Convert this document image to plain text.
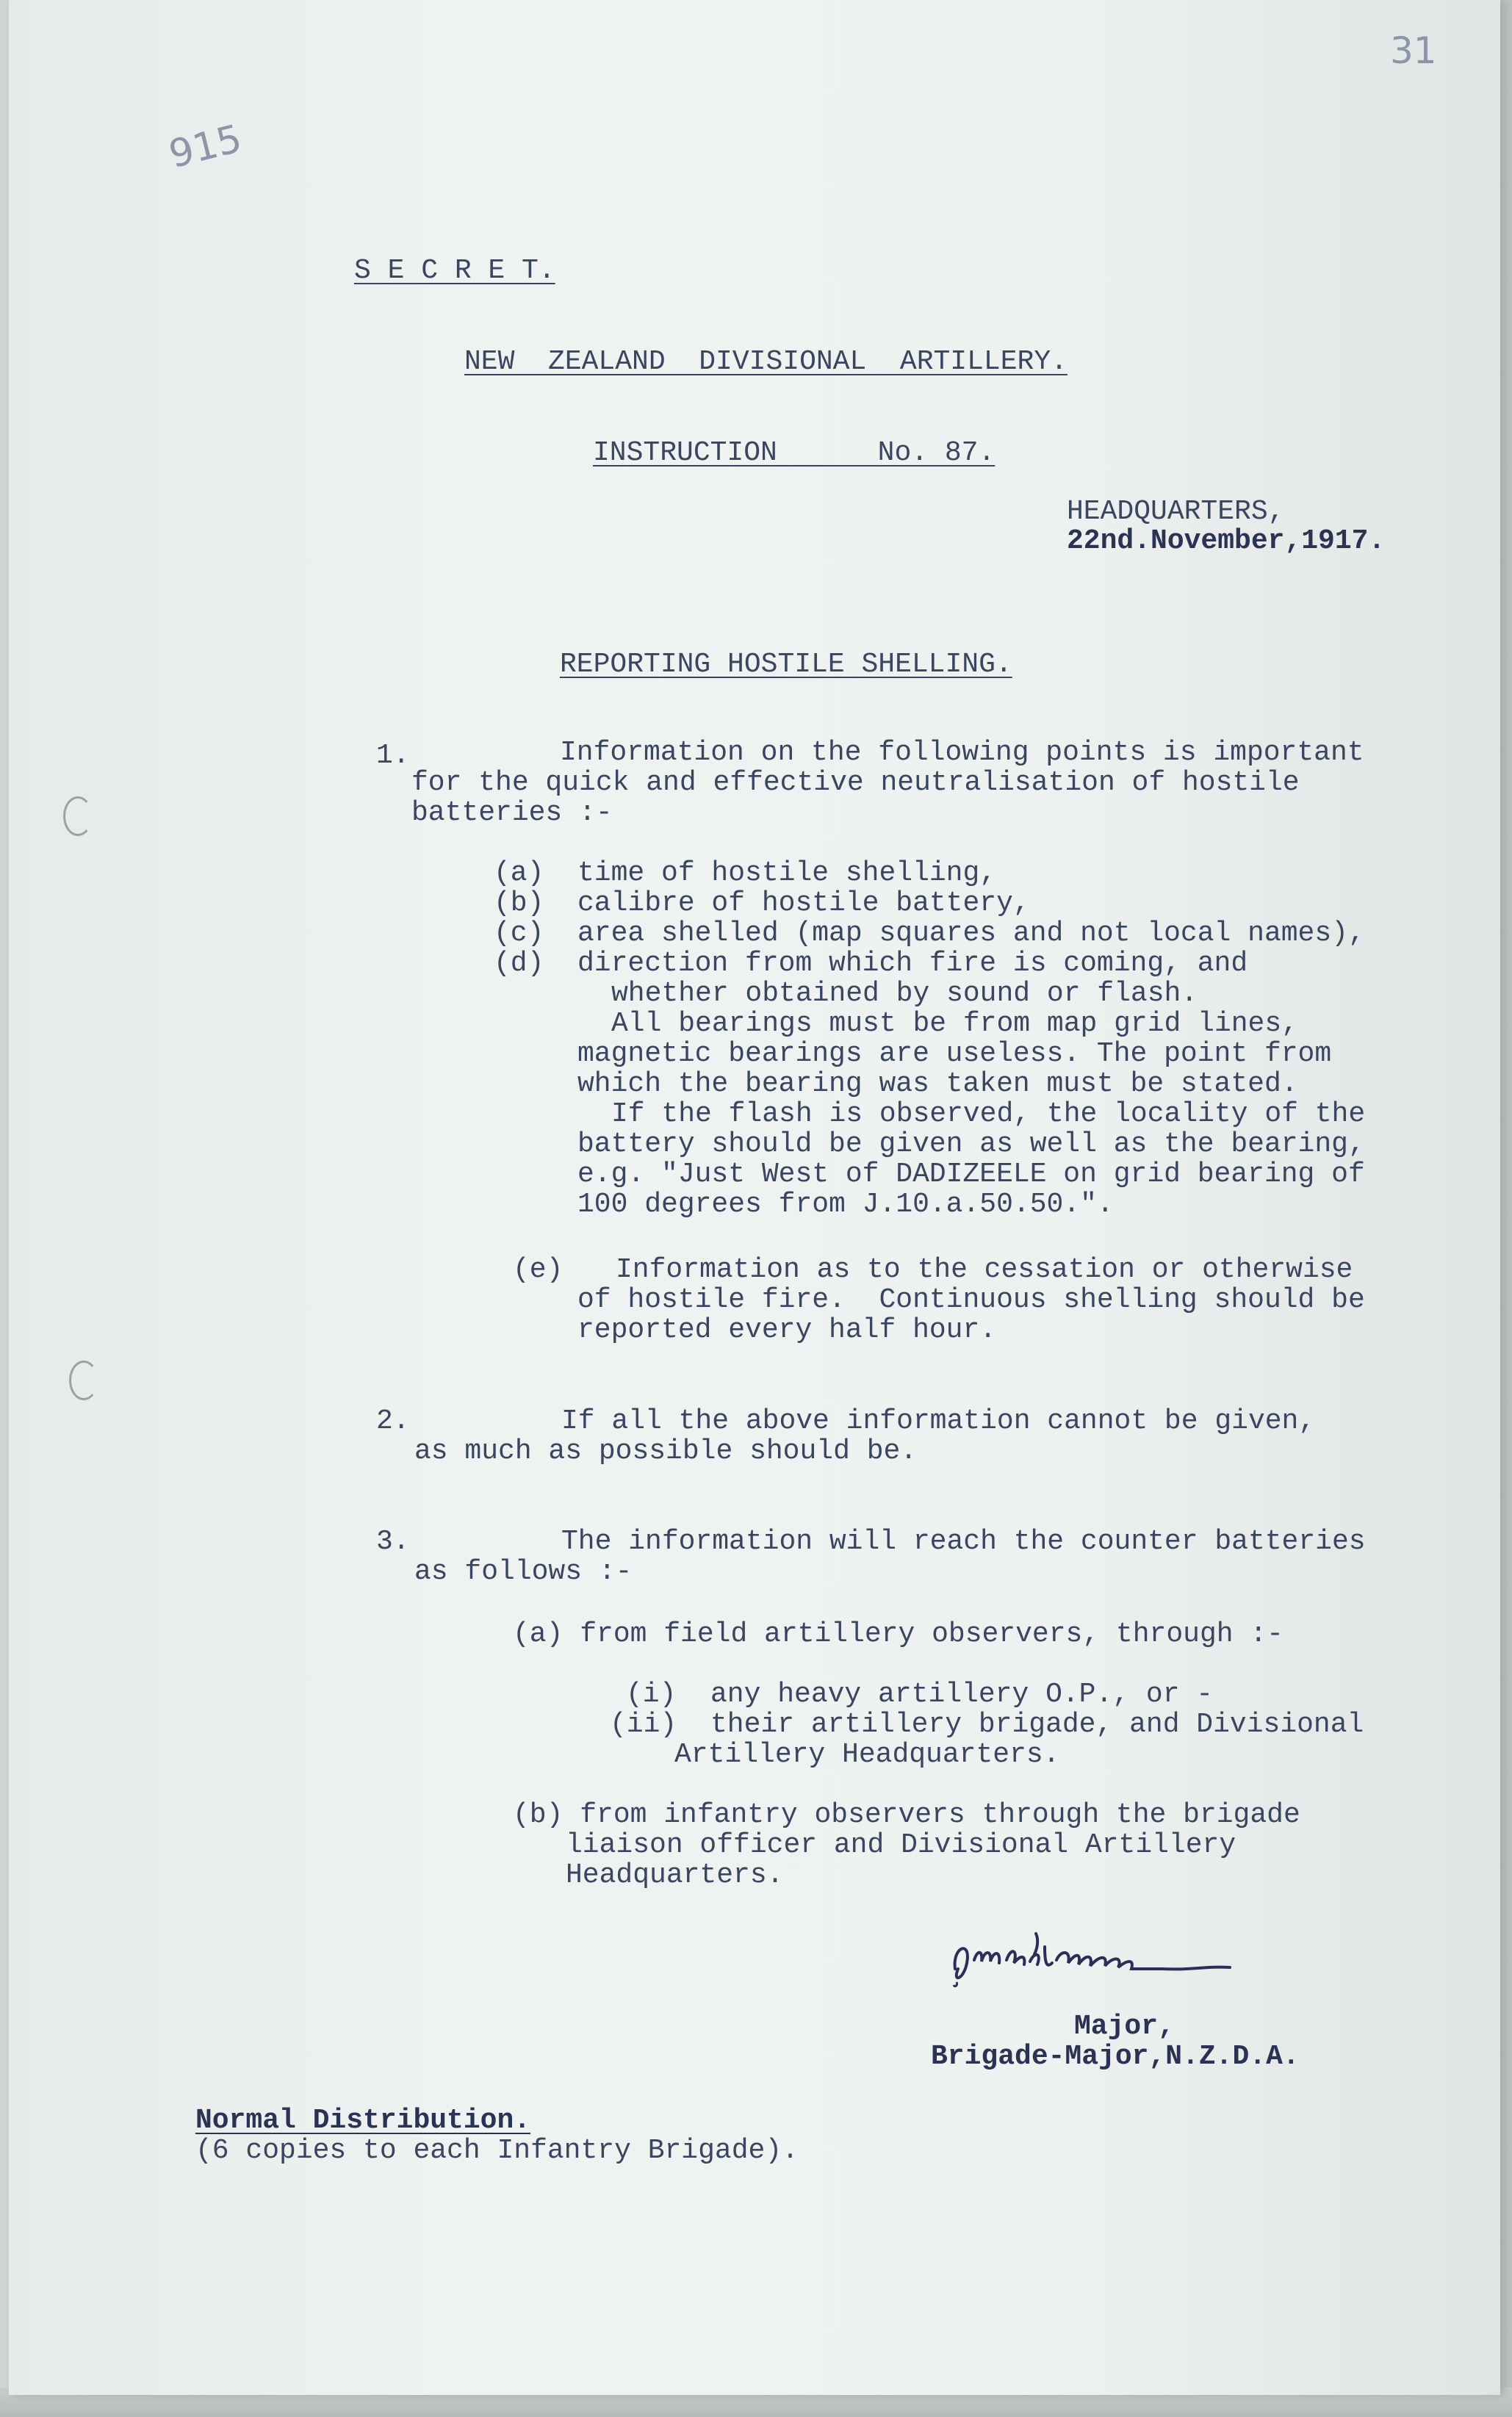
915
31
S E C R E T.
NEW  ZEALAND  DIVISIONAL  ARTILLERY.
INSTRUCTION      No. 87.
HEADQUARTERS,
22nd.November,1917.
REPORTING HOSTILE SHELLING.
1.	Information on the following points is important
for the quick and effective neutralisation of hostile
batteries :-
(a) time of hostile shelling,
(b) calibre of hostile battery,
(c) area shelled (map squares and not local names),
(d) direction from which fire is coming, and
whether obtained by sound or flash.
All bearings must be from map grid lines,
magnetic bearings are useless. The point from
which the bearing was taken must be stated.
If the flash is observed, the locality of the
battery should be given as well as the bearing,
e.g. "Just West of DADIZEELE on grid bearing of
100 degrees from J.10.a.50.50.".
(e) Information as to the cessation or otherwise
of hostile fire.  Continuous shelling should be
reported every half hour.
2.	If all the above information cannot be given,
as much as possible should be.
3.	The information will reach the counter batteries
as follows :-
(a) from field artillery observers, through :-
(i) any heavy artillery O.P., or -
(ii) their artillery brigade, and Divisional
Artillery Headquarters.
(b) from infantry observers through the brigade
liaison officer and Divisional Artillery
Headquarters.
Major,
Brigade-Major,N.Z.D.A.
Normal Distribution.
(6 copies to each Infantry Brigade).
